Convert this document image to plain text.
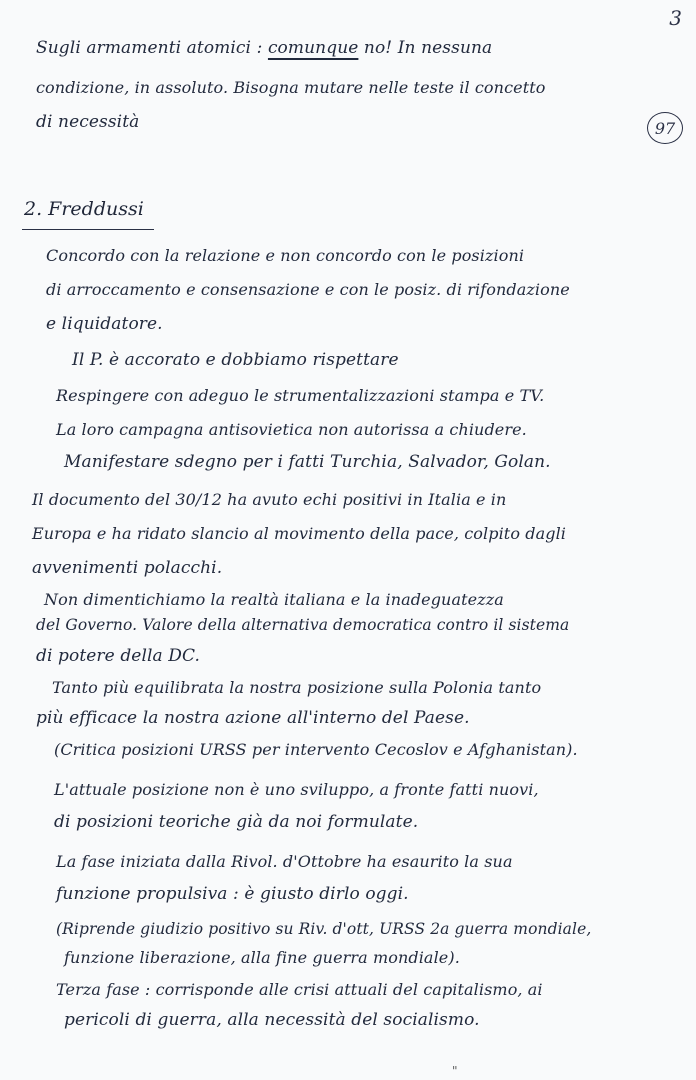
3
Sugli armamenti atomici : comunque no! In nessuna
condizione, in assoluto. Bisogna mutare nelle teste il concetto
di necessità	97
2. Freddussi
Concordo con la relazione e non concordo con le posizioni
di arroccamento e consensazione e con le posiz. di rifondazione
e liquidatore.
Il P. è accorato e dobbiamo rispettare
Respingere con adeguo le strumentalizzazioni stampa e TV.
La loro campagna antisovietica non autorissa a chiudere.
Manifestare sdegno per i fatti Turchia, Salvador, Golan.
Il documento del 30/12 ha avuto echi positivi in Italia e in
Europa e ha ridato slancio al movimento della pace, colpito dagli
avvenimenti polacchi.
Non dimentichiamo la realtà italiana e la inadeguatezza
del Governo. Valore della alternativa democratica contro il sistema
di potere della DC.
Tanto più equilibrata la nostra posizione sulla Polonia tanto
più efficace la nostra azione all'interno del Paese.
(Critica posizioni URSS per intervento Cecoslov e Afghanistan).
L'attuale posizione non è uno sviluppo, a fronte fatti nuovi,
di posizioni teoriche già da noi formulate.
La fase iniziata dalla Rivol. d'Ottobre ha esaurito la sua
funzione propulsiva : è giusto dirlo oggi.
(Riprende giudizio positivo su Riv. d'ott, URSS 2a guerra mondiale,
funzione liberazione, alla fine guerra mondiale).
Terza fase : corrisponde alle crisi attuali del capitalismo, ai
pericoli di guerra, alla necessità del socialismo.
"
